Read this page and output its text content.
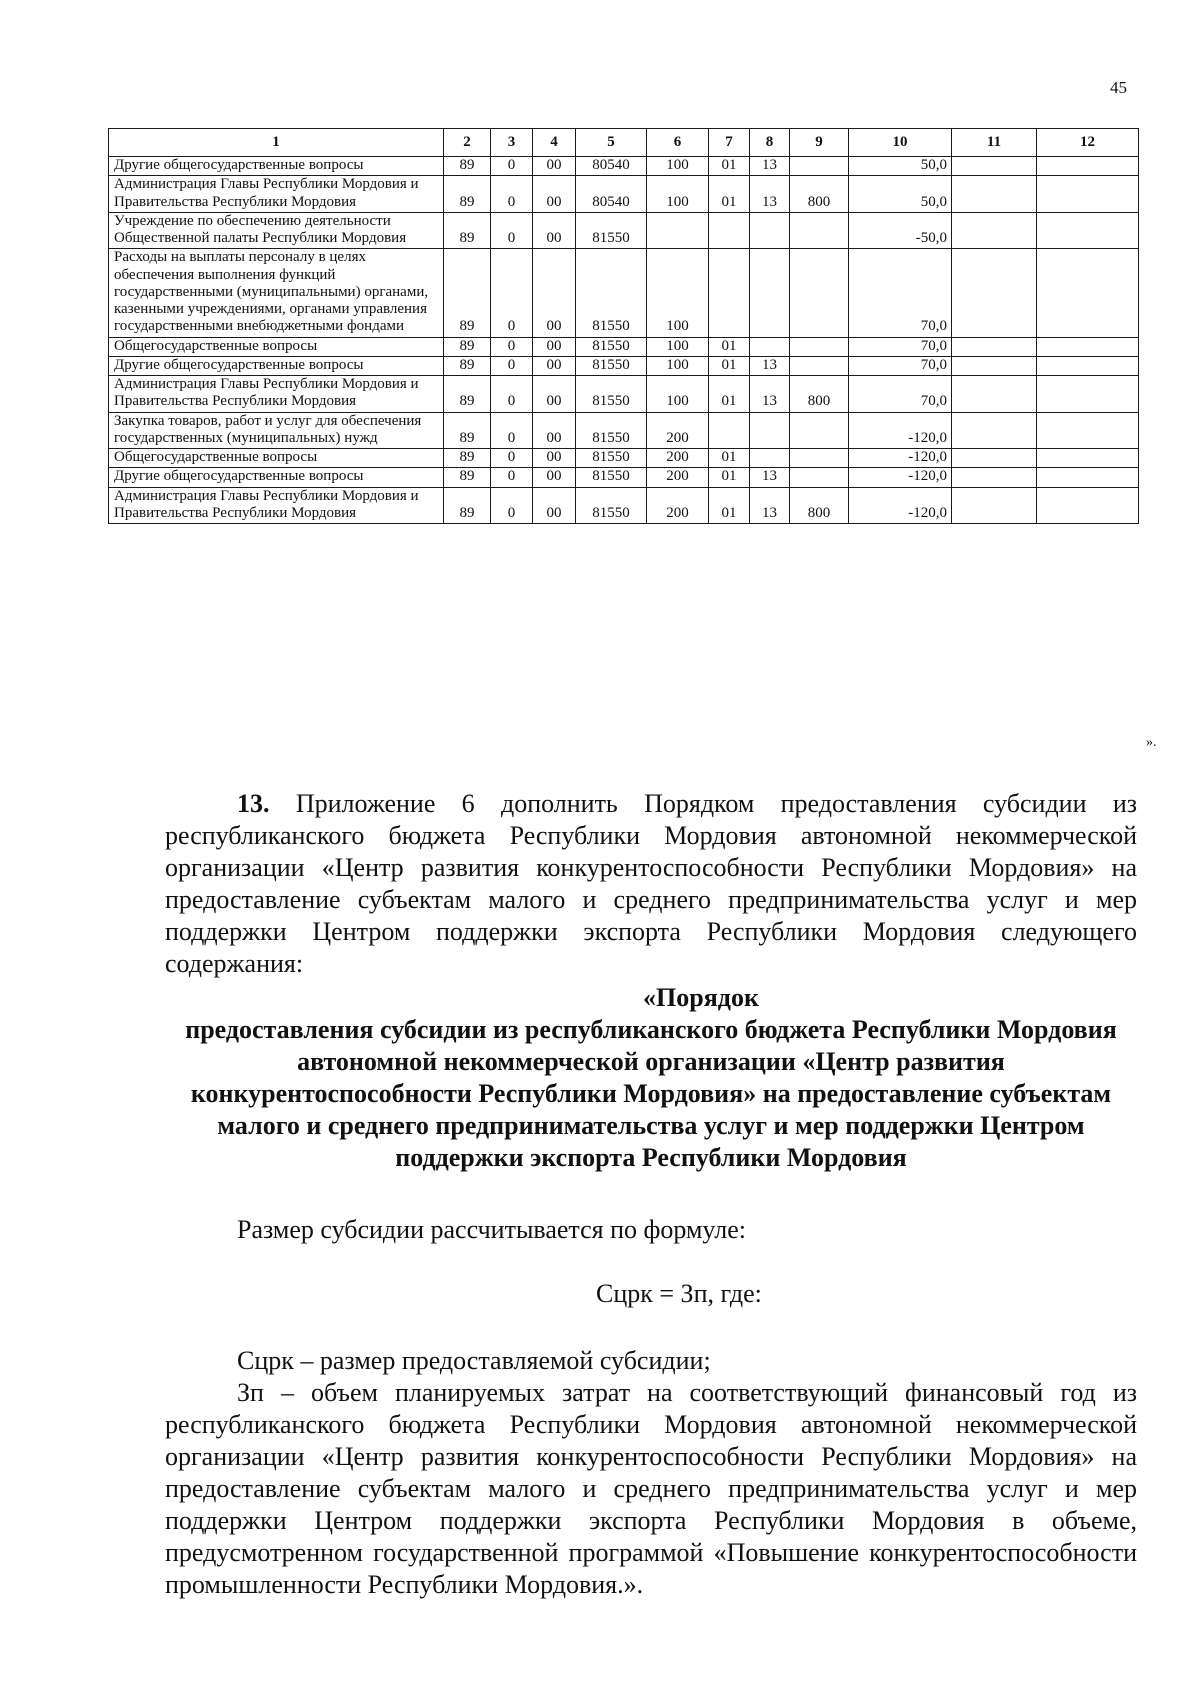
45
1	2	3	4	5	6	7	8	9	10	11	12
Другие общегосударственные вопросы	89	0	00	80540	100	01	13		50,0		
Администрация Главы Республики Мордовия и Правительства Республики Мордовия	89	0	00	80540	100	01	13	800	50,0		
Учреждение по обеспечению деятельности Общественной палаты Республики Мордовия	89	0	00	81550					-50,0		
Расходы на выплаты персоналу в целях обеспечения выполнения функций государственными (муниципальными) органами, казенными учреждениями, органами управления государственными внебюджетными фондами	89	0	00	81550	100				70,0		
Общегосударственные вопросы	89	0	00	81550	100	01			70,0		
Другие общегосударственные вопросы	89	0	00	81550	100	01	13		70,0		
Администрация Главы Республики Мордовия и Правительства Республики Мордовия	89	0	00	81550	100	01	13	800	70,0		
Закупка товаров, работ и услуг для обеспечения государственных (муниципальных) нужд	89	0	00	81550	200				-120,0		
Общегосударственные вопросы	89	0	00	81550	200	01			-120,0		
Другие общегосударственные вопросы	89	0	00	81550	200	01	13		-120,0		
Администрация Главы Республики Мордовия и Правительства Республики Мордовия	89	0	00	81550	200	01	13	800	-120,0		
».

13. Приложение 6 дополнить Порядком предоставления субсидии из республиканского бюджета Республики Мордовия автономной некоммерческой организации «Центр развития конкурентоспособности Республики Мордовия» на предоставление субъектам малого и среднего предпринимательства услуг и мер поддержки Центром поддержки экспорта Республики Мордовия следующего содержания:

«Порядок
предоставления субсидии из республиканского бюджета Республики Мордовия автономной некоммерческой организации «Центр развития конкурентоспособности Республики Мордовия» на предоставление субъектам малого и среднего предпринимательства услуг и мер поддержки Центром поддержки экспорта Республики Мордовия
Размер субсидии рассчитывается по формуле:
Сцрк = Зп, где:

Сцрк – размер предоставляемой субсидии;

Зп – объем планируемых затрат на соответствующий финансовый год из республиканского бюджета Республики Мордовия автономной некоммерческой организации «Центр развития конкурентоспособности Республики Мордовия» на предоставление субъектам малого и среднего предпринимательства услуг и мер поддержки Центром поддержки экспорта Республики Мордовия в объеме, предусмотренном государственной программой «Повышение конкурентоспособности промышленности Республики Мордовия.».
